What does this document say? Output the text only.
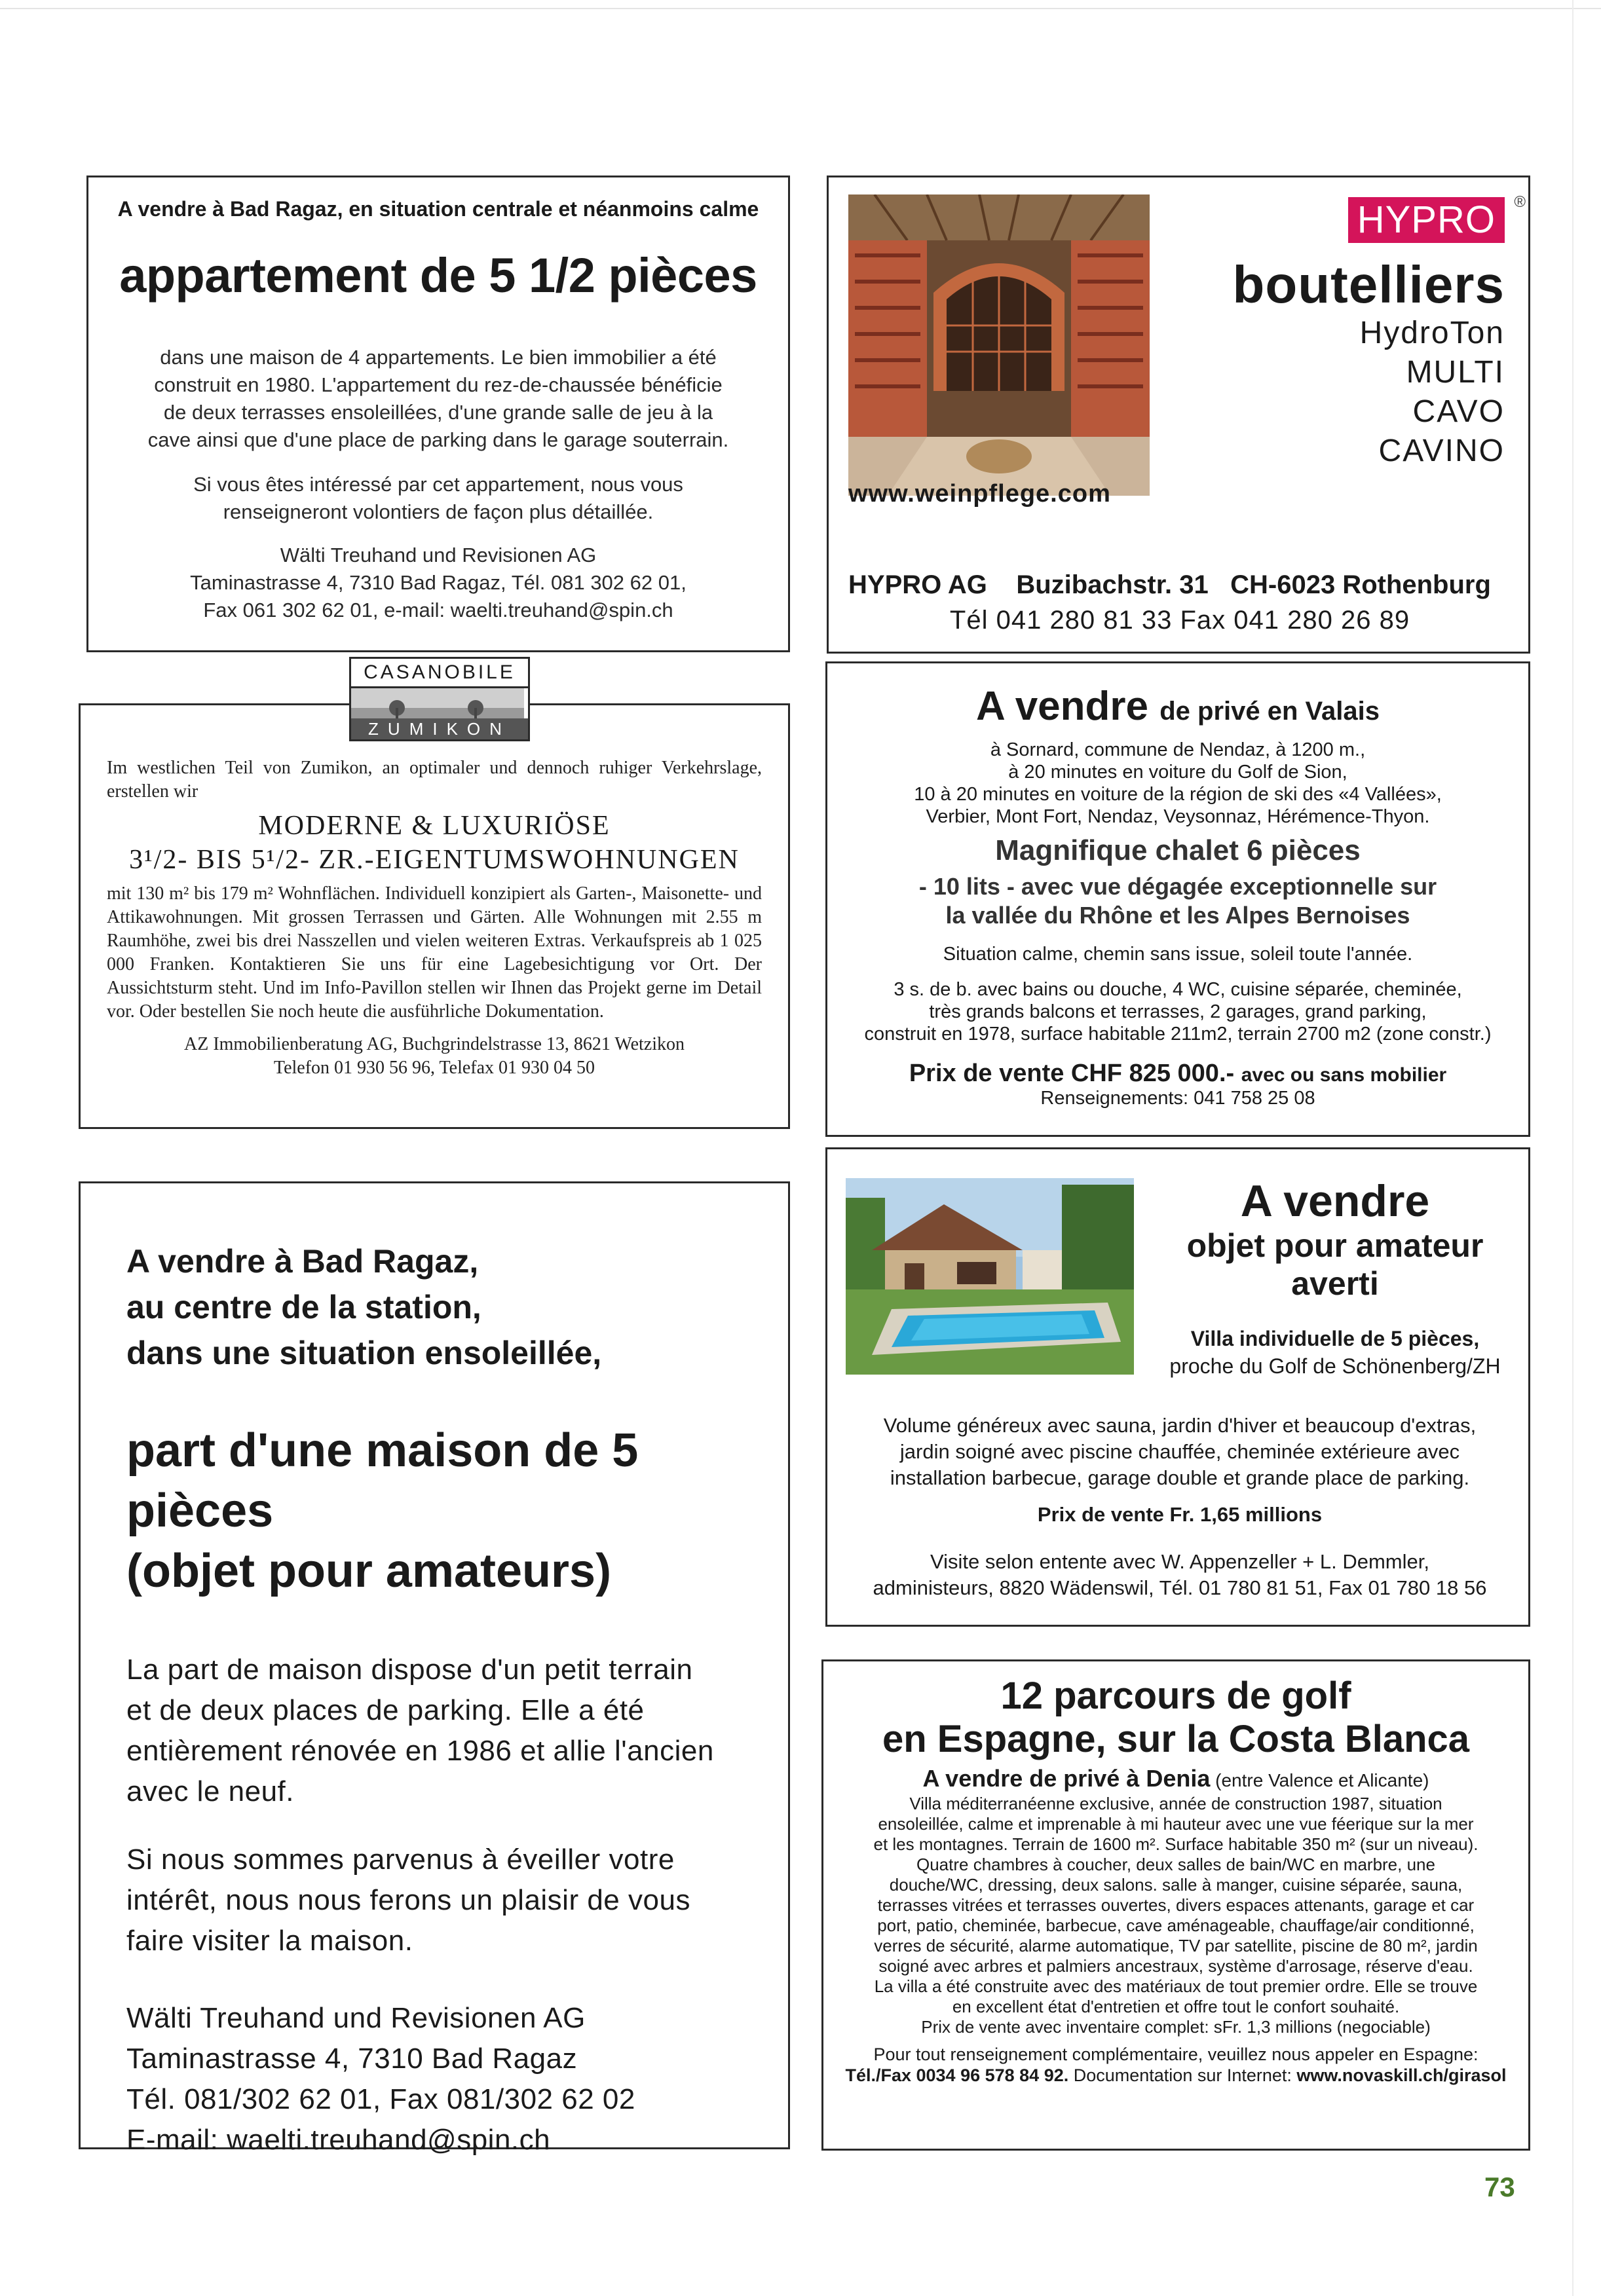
A vendre à Bad Ragaz, en situation centrale et néanmoins calme

appartement de 5 1/2 pièces

dans une maison de 4 appartements. Le bien immobilier a été
construit en 1980. L'appartement du rez-de-chaussée bénéficie
de deux terrasses ensoleillées, d'une grande salle de jeu à la
cave ainsi que d'une place de parking dans le garage souterrain.
Si vous êtes intéressé par cet appartement, nous vous
renseigneront volontiers de façon plus détaillée.
Wälti Treuhand und Revisionen AG
Taminastrasse 4, 7310 Bad Ragaz, Tél. 081 302 62 01,
Fax 061 302 62 01, e-mail: waelti.treuhand@spin.ch
www.weinpflege.com
HYPRO	®
boutelliers
HydroTon
MULTI
CAVO
CAVINO
HYPRO AG Buzibachstr. 31 CH-6023 Rothenburg
Tél 041 280 81 33 Fax 041 280 26 89
CASANOBILE
ZUMIKON

Im westlichen Teil von Zumikon, an optimaler und dennoch ruhiger Verkehrslage, erstellen wir

MODERNE & LUXURIÖSE

3¹/2- BIS 5¹/2- ZR.-EIGENTUMSWOHNUNGEN

mit 130 m² bis 179 m² Wohnflächen. Individuell konzipiert als Garten-, Maisonette- und Attikawohnungen. Mit grossen Terrassen und Gärten. Alle Wohnungen mit 2.55 m Raumhöhe, zwei bis drei Nasszellen und vielen weiteren Extras. Verkaufspreis ab 1 025 000 Franken. Kontaktieren Sie uns für eine Lagebesichtigung vor Ort. Der Aussichtsturm steht. Und im Info-Pavillon stellen wir Ihnen das Projekt gerne im Detail vor. Oder bestellen Sie noch heute die ausführliche Dokumentation.

AZ Immobilienberatung AG, Buchgrindelstrasse 13, 8621 Wetzikon
Telefon 01 930 56 96, Telefax 01 930 04 50
A vendre de privé en Valais
à Sornard, commune de Nendaz, à 1200 m.,
à 20 minutes en voiture du Golf de Sion,
10 à 20 minutes en voiture de la région de ski des «4 Vallées»,
Verbier, Mont Fort, Nendaz, Veysonnaz, Hérémence-Thyon.
Magnifique chalet 6 pièces
- 10 lits - avec vue dégagée exceptionnelle sur
la vallée du Rhône et les Alpes Bernoises
Situation calme, chemin sans issue, soleil toute l'année.
3 s. de b. avec bains ou douche, 4 WC, cuisine séparée, cheminée,
très grands balcons et terrasses, 2 garages, grand parking,
construit en 1978, surface habitable 211m2, terrain 2700 m2 (zone constr.)
Prix de vente CHF 825 000.- avec ou sans mobilier
Renseignements: 041 758 25 08
A vendre à Bad Ragaz,
au centre de la station,
dans une situation ensoleillée,
part d'une maison de 5 pièces
(objet pour amateurs)
La part de maison dispose d'un petit terrain
et de deux places de parking. Elle a été
entièrement rénovée en 1986 et allie l'ancien
avec le neuf.
Si nous sommes parvenus à éveiller votre
intérêt, nous nous ferons un plaisir de vous
faire visiter la maison.
Wälti Treuhand und Revisionen AG
Taminastrasse 4, 7310 Bad Ragaz
Tél. 081/302 62 01, Fax 081/302 62 02
E-mail: waelti.treuhand@spin.ch
A vendre
objet pour amateur
averti
Villa individuelle de 5 pièces,
proche du Golf de Schönenberg/ZH
Volume généreux avec sauna, jardin d'hiver et beaucoup d'extras,
jardin soigné avec piscine chauffée, cheminée extérieure avec
installation barbecue, garage double et grande place de parking.
Prix de vente Fr. 1,65 millions
Visite selon entente avec W. Appenzeller + L. Demmler,
administeurs, 8820 Wädenswil, Tél. 01 780 81 51, Fax 01 780 18 56
12 parcours de golf
en Espagne, sur la Costa Blanca
A vendre de privé à Denia (entre Valence et Alicante)
Villa méditerranéenne exclusive, année de construction 1987, situation
ensoleillée, calme et imprenable à mi hauteur avec une vue féerique sur la mer
et les montagnes. Terrain de 1600 m². Surface habitable 350 m² (sur un niveau).
Quatre chambres à coucher, deux salles de bain/WC en marbre, une
douche/WC, dressing, deux salons. salle à manger, cuisine séparée, sauna,
terrasses vitrées et terrasses ouvertes, divers espaces attenants, garage et car
port, patio, cheminée, barbecue, cave aménageable, chauffage/air conditionné,
verres de sécurité, alarme automatique, TV par satellite, piscine de 80 m², jardin
soigné avec arbres et palmiers ancestraux, système d'arrosage, réserve d'eau.
La villa a été construite avec des matériaux de tout premier ordre. Elle se trouve
en excellent état d'entretien et offre tout le confort souhaité.
Prix de vente avec inventaire complet: sFr. 1,3 millions (negociable)
Pour tout renseignement complémentaire, veuillez nous appeler en Espagne:
Tél./Fax 0034 96 578 84 92. Documentation sur Internet: www.novaskill.ch/girasol
73
